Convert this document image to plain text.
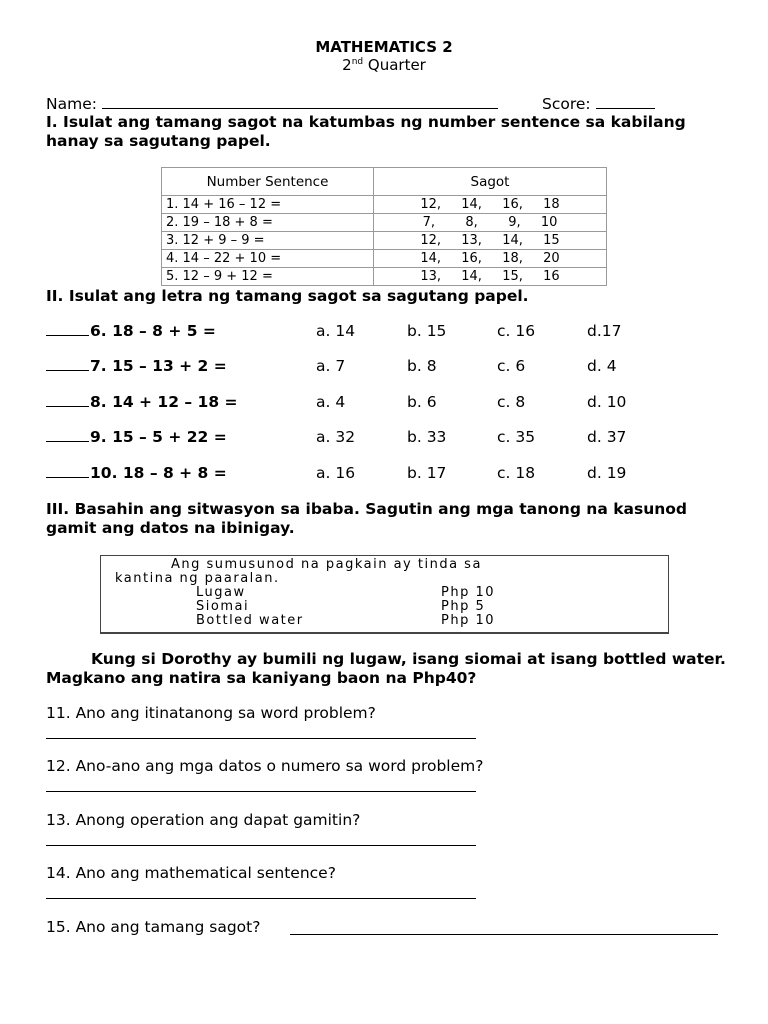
MATHEMATICS 2
2nd Quarter
Name:	Score:
I. Isulat ang tamang sagot na katumbas ng number sentence sa kabilang hanay sa sagutang papel.
Number Sentence	Sagot
1. 14 + 16 – 12 =	12,  14,  16,  18
2. 19 – 18 + 8 =	7,   8,   9,  10
3. 12 + 9 – 9 =	12,  13,  14,  15
4. 14 – 22 + 10 =	14,  16,  18,  20
5. 12 – 9 + 12 =	13,  14,  15,  16
II. Isulat ang letra ng tamang sagot sa sagutang papel.
6. 18 – 8 + 5 =	a. 14	b. 15	c. 16	d.17
7. 15 – 13 + 2 =	a. 7	b. 8	c. 6	d. 4
8. 14 + 12 – 18 =	a. 4	b. 6	c. 8	d. 10
9. 15 – 5 + 22 =	a. 32	b. 33	c. 35	d. 37
10. 18 – 8 + 8 =	a. 16	b. 17	c. 18	d. 19
III. Basahin ang sitwasyon sa ibaba. Sagutin ang mga tanong na kasunod gamit ang datos na ibinigay.
Ang sumusunod na pagkain ay tinda sa
kantina ng paaralan.
Lugaw	Php 10
Siomai	Php 5
Bottled water	Php 10
Kung si Dorothy ay bumili ng lugaw, isang siomai at isang bottled water. Magkano ang natira sa kaniyang baon na Php40?
11. Ano ang itinatanong sa word problem?
12. Ano-ano ang mga datos o numero sa word problem?
13. Anong operation ang dapat gamitin?
14. Ano ang mathematical sentence?
15. Ano ang tamang sagot?
